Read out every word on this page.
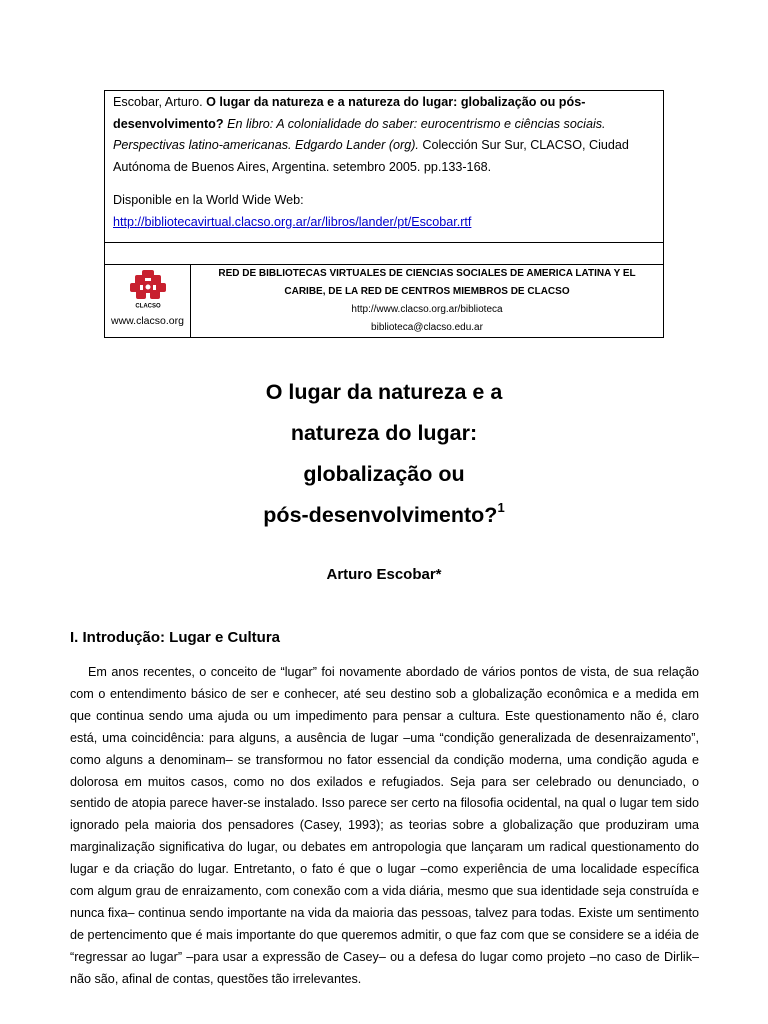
Escobar, Arturo. O lugar da natureza e a natureza do lugar: globalização ou pós-desenvolvimento? En libro: A colonialidade do saber: eurocentrismo e ciências sociais. Perspectivas latino-americanas. Edgardo Lander (org). Colección Sur Sur, CLACSO, Ciudad Autónoma de Buenos Aires, Argentina. setembro 2005. pp.133-168.

Disponible en la World Wide Web:

http://bibliotecavirtual.clacso.org.ar/ar/libros/lander/pt/Escobar.rtf

CLACSO
www.clacso.org
RED DE BIBLIOTECAS VIRTUALES DE CIENCIAS SOCIALES DE AMERICA LATINA Y EL
CARIBE, DE LA RED DE CENTROS MIEMBROS DE CLACSO
http://www.clacso.org.ar/biblioteca
biblioteca@clacso.edu.ar
O lugar da natureza e a
natureza do lugar:
globalização ou
pós-desenvolvimento?$^1$
Arturo Escobar*
I. Introdução: Lugar e Cultura

Em anos recentes, o conceito de “lugar” foi novamente abordado de vários pontos de vista, de sua relação com o entendimento básico de ser e conhecer, até seu destino sob a globalização econômica e a medida em que continua sendo uma ajuda ou um impedimento para pensar a cultura. Este questionamento não é, claro está, uma coincidência: para alguns, a ausência de lugar –uma “condição generalizada de desenraizamento”, como alguns a denominam– se transformou no fator essencial da condição moderna, uma condição aguda e dolorosa em muitos casos, como no dos exilados e refugiados. Seja para ser celebrado ou denunciado, o sentido de atopia parece haver-se instalado. Isso parece ser certo na filosofia ocidental, na qual o lugar tem sido ignorado pela maioria dos pensadores (Casey, 1993); as teorias sobre a globalização que produziram uma marginalização significativa do lugar, ou debates em antropologia que lançaram um radical questionamento do lugar e da criação do lugar. Entretanto, o fato é que o lugar –como experiência de uma localidade específica com algum grau de enraizamento, com conexão com a vida diária, mesmo que sua identidade seja construída e nunca fixa– continua sendo importante na vida da maioria das pessoas, talvez para todas. Existe um sentimento de pertencimento que é mais importante do que queremos admitir, o que faz com que se considere se a idéia de “regressar ao lugar” –para usar a expressão de Casey– ou a defesa do lugar como projeto –no caso de Dirlik– não são, afinal de contas, questões tão irrelevantes.
